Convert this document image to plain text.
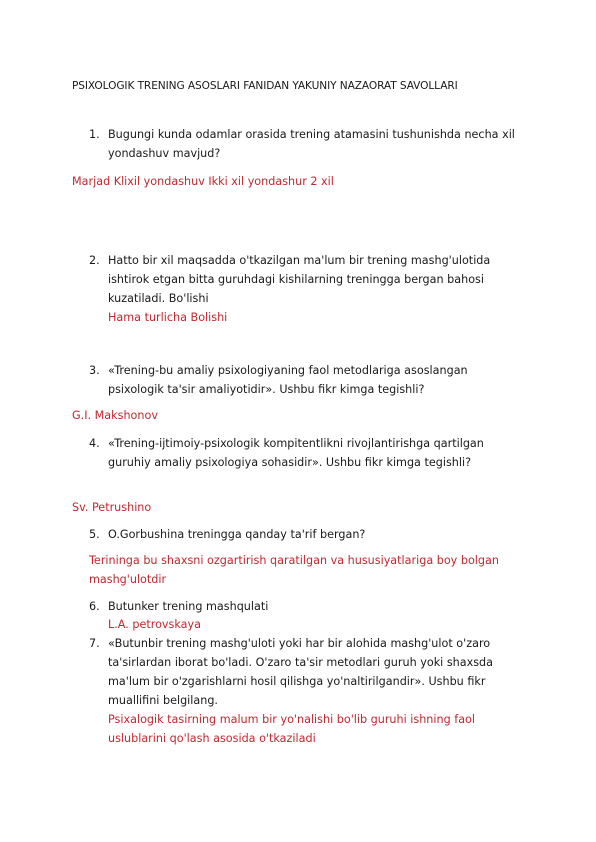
PSIXOLOGIK TRENING ASOSLARI FANIDAN YAKUNIY NAZAORAT SAVOLLARI
1. Bugungi kunda odamlar orasida trening atamasini tushunishda necha xil
yondashuv mavjud?
Marjad Klixil yondashuv Ikki xil yondashur 2 xil
2. Hatto bir xil maqsadda o'tkazilgan ma'lum bir trening mashg'ulotida
ishtirok etgan bitta guruhdagi kishilarning treningga bergan bahosi
kuzatiladi. Bo'lishi
Hama turlicha Bolishi
3. «Trening-bu amaliy psixologiyaning faol metodlariga asoslangan
psixologik ta'sir amaliyotidir». Ushbu fikr kimga tegishli?
G.I. Makshonov
4. «Trening-ijtimoiy-psixologik kompitentlikni rivojlantirishga qartilgan
guruhiy amaliy psixologiya sohasidir». Ushbu fikr kimga tegishli?
Sv. Petrushino
5. O.Gorbushina treningga qanday ta'rif bergan?
Terininga bu shaxsni ozgartirish qaratilgan va hususiyatlariga boy bolgan
mashg'ulotdir
6. Butunker trening mashqulati
L.A. petrovskaya
7. «Butunbir trening mashg'uloti yoki har bir alohida mashg'ulot o'zaro
ta'sirlardan iborat bo'ladi. O'zaro ta'sir metodlari guruh yoki shaxsda
ma'lum bir o'zgarishlarni hosil qilishga yo'naltirilgandir». Ushbu fikr
muallifini belgilang.
Psixalogik tasirning malum bir yo'nalishi bo'lib guruhi ishning faol
uslublarini qo'lash asosida o'tkaziladi
